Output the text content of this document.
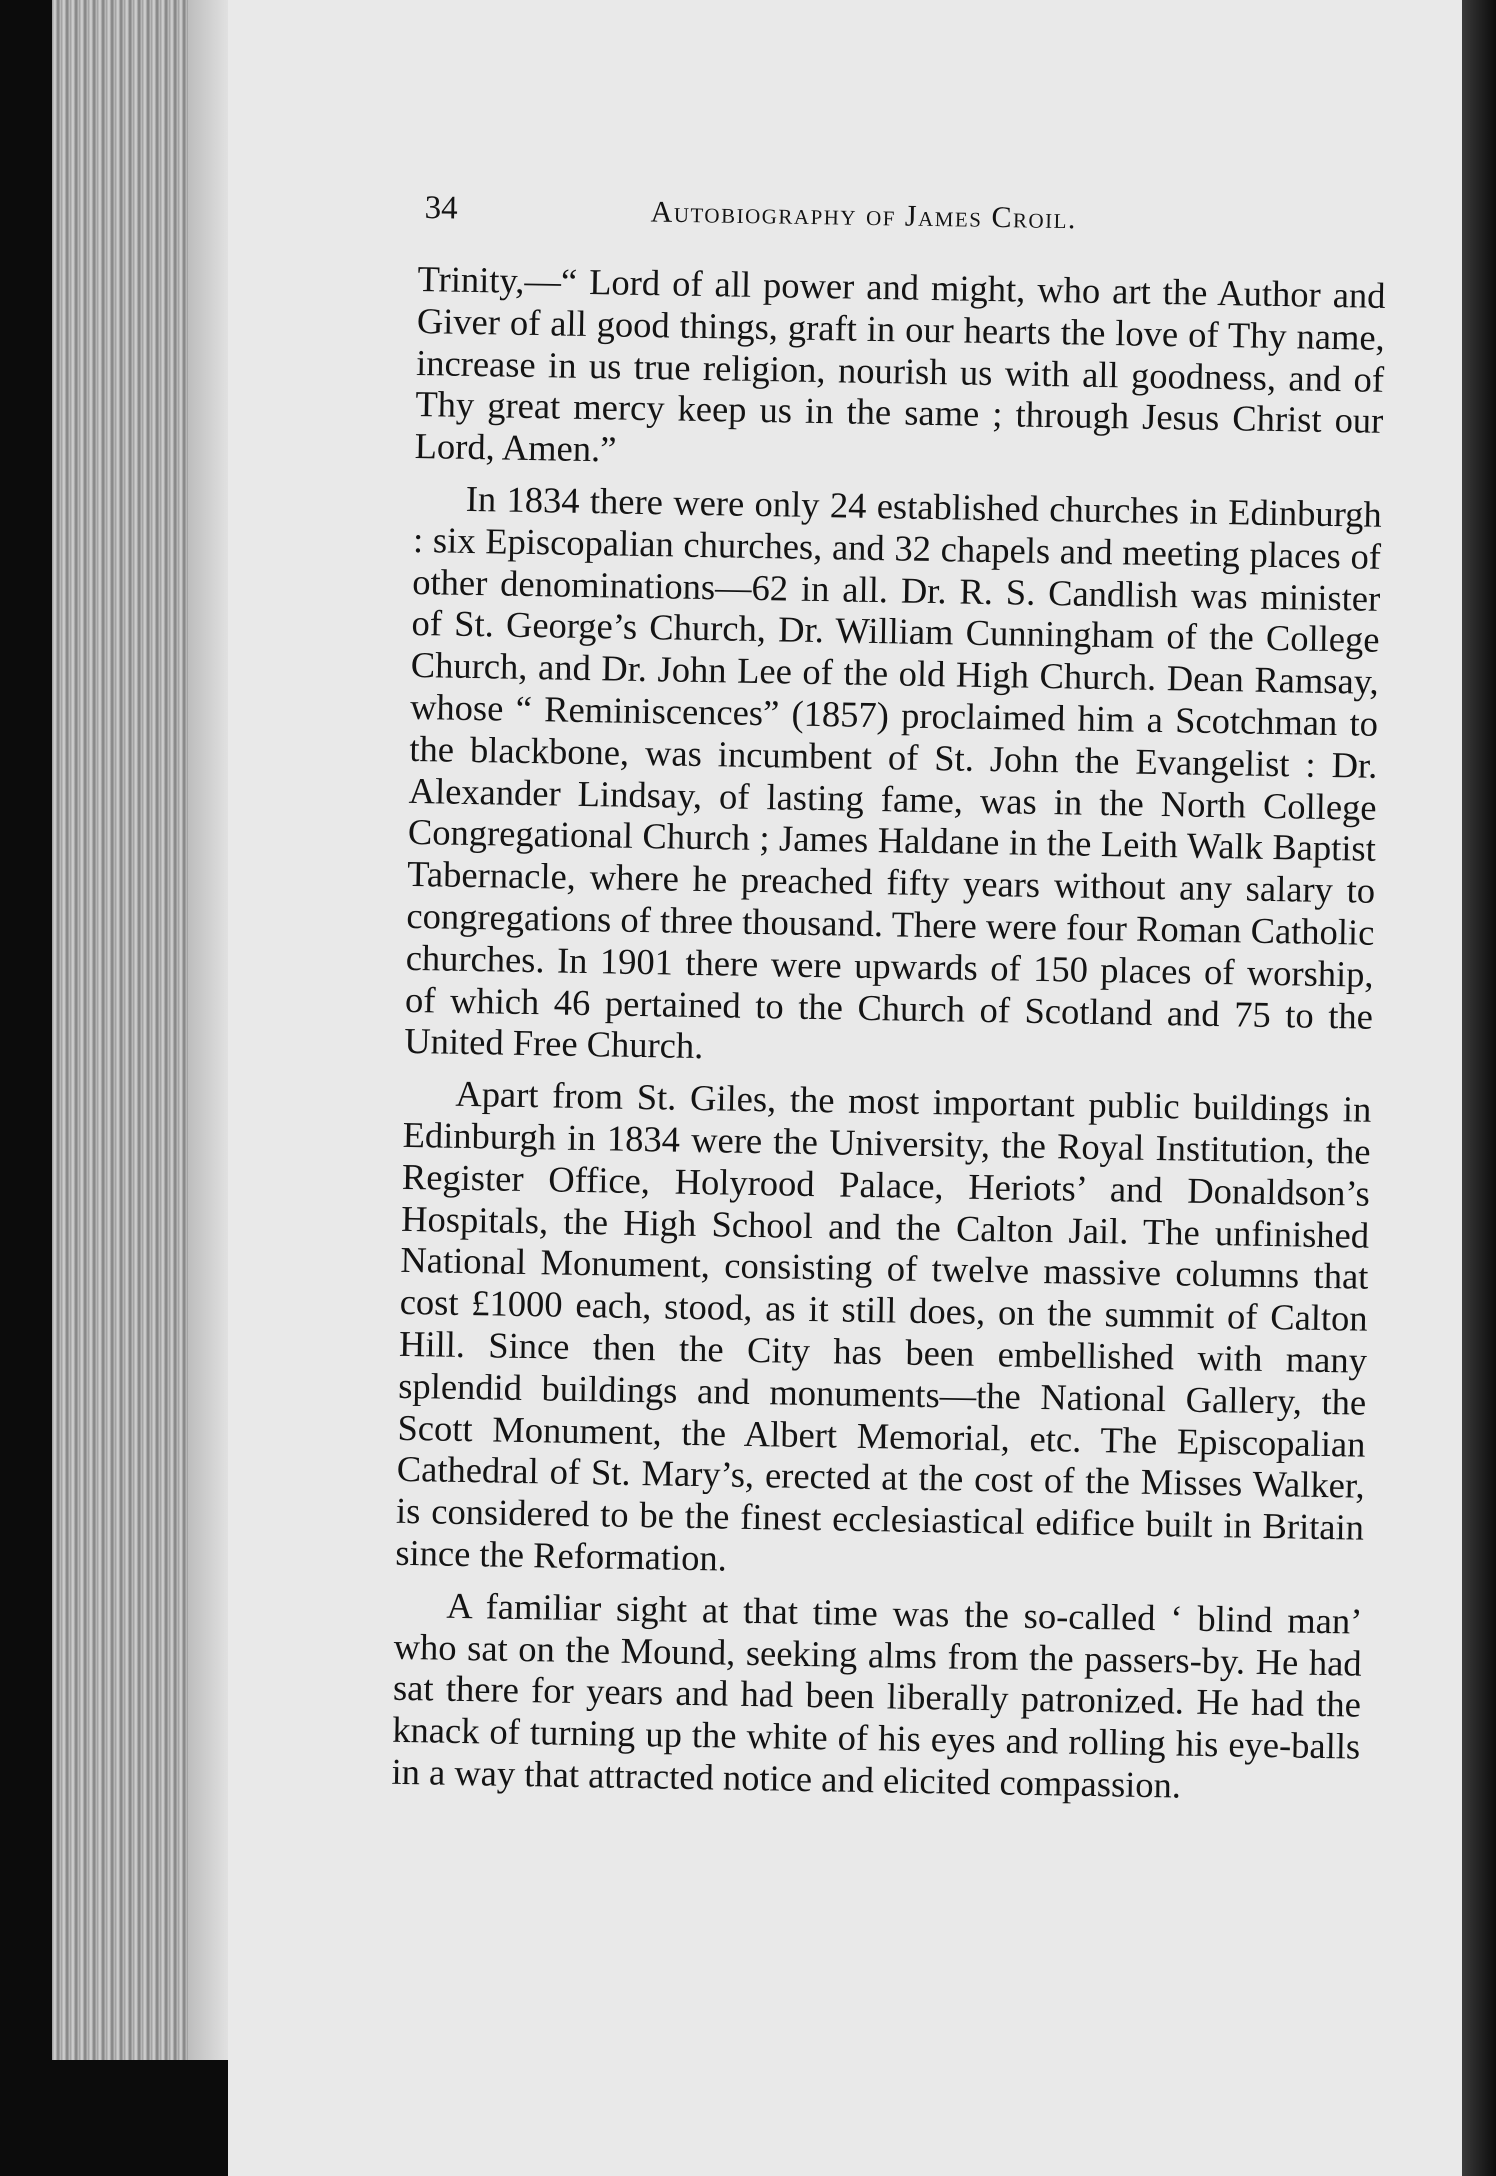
34	Autobiography of James Croil.

Trinity,—“ Lord of all power and might, who art the Author and Giver of all good things, graft in our hearts the love of Thy name, increase in us true religion, nourish us with all goodness, and of Thy great mercy keep us in the same ; through Jesus Christ our Lord, Amen.”

In 1834 there were only 24 established churches in Edinburgh : six Episcopalian churches, and 32 chapels and meeting places of other denominations—62 in all. Dr. R. S. Candlish was minister of St. George’s Church, Dr. William Cunningham of the College Church, and Dr. John Lee of the old High Church. Dean Ramsay, whose “ Reminiscences” (1857) proclaimed him a Scotchman to the blackbone, was incumbent of St. John the Evangelist : Dr. Alexander Lindsay, of lasting fame, was in the North College Congregational Church ; James Haldane in the Leith Walk Baptist Tabernacle, where he preached fifty years without any salary to congregations of three thousand. There were four Roman Catholic churches. In 1901 there were upwards of 150 places of worship, of which 46 pertained to the Church of Scotland and 75 to the United Free Church.

Apart from St. Giles, the most important public buildings in Edinburgh in 1834 were the University, the Royal Institution, the Register Office, Holyrood Palace, Heriots’ and Donaldson’s Hospitals, the High School and the Calton Jail. The unfinished National Monument, consisting of twelve massive columns that cost £1000 each, stood, as it still does, on the summit of Calton Hill. Since then the City has been embellished with many splendid buildings and monuments—the National Gallery, the Scott Monument, the Albert Memorial, etc. The Episcopalian Cathedral of St. Mary’s, erected at the cost of the Misses Walker, is considered to be the finest ecclesiastical edifice built in Britain since the Reformation.

A familiar sight at that time was the so-called ‘ blind man’ who sat on the Mound, seeking alms from the passers-by. He had sat there for years and had been liberally patronized. He had the knack of turning up the white of his eyes and rolling his eye-balls in a way that attracted notice and elicited compassion.
